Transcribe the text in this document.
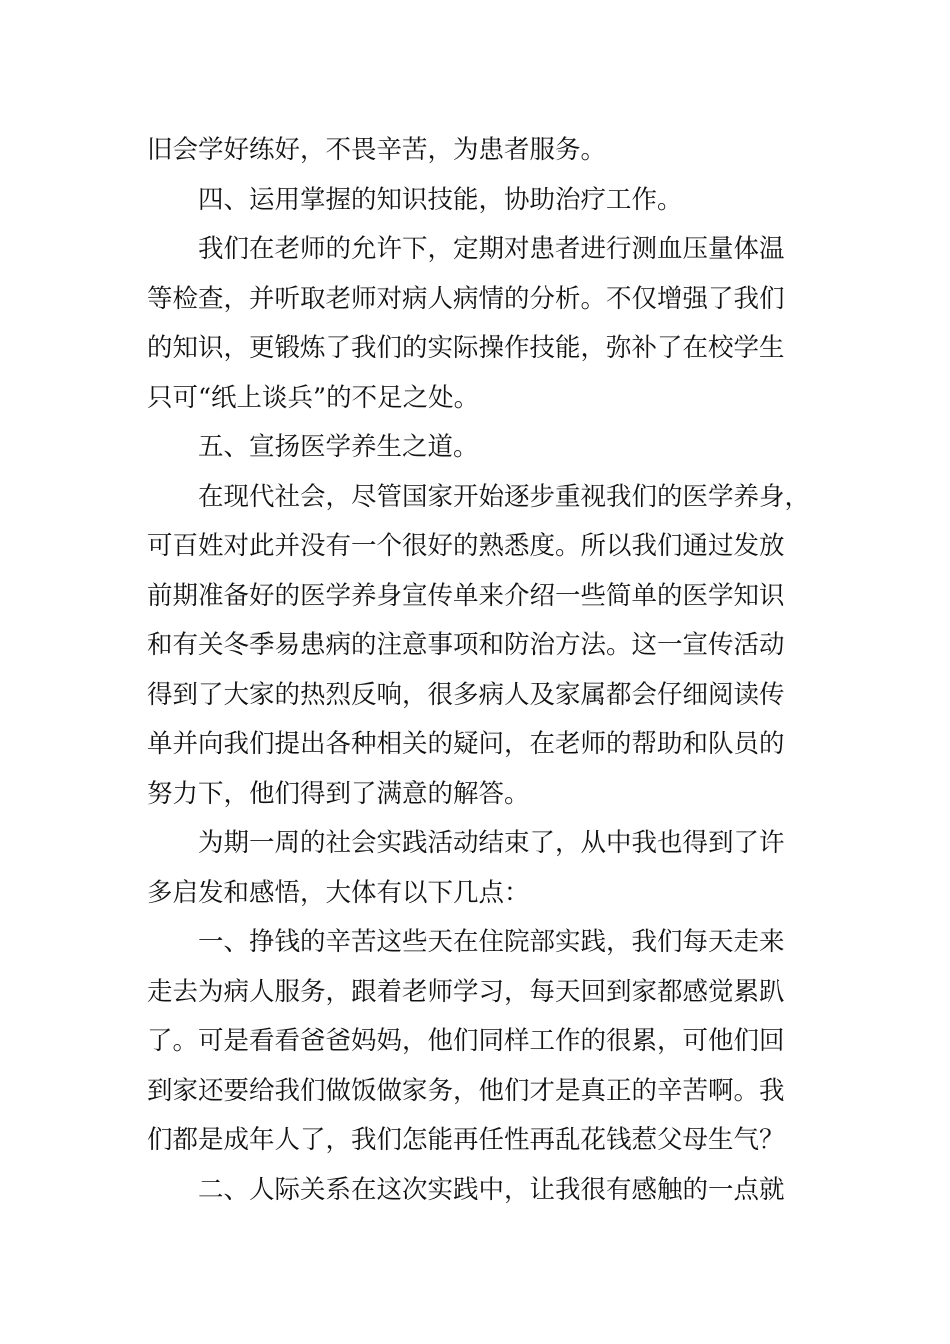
旧会学好练好，不畏辛苦，为患者服务。
四、运用掌握的知识技能，协助治疗工作。
我们在老师的允许下，定期对患者进行测血压量体温
等检查，并听取老师对病人病情的分析。不仅增强了我们
的知识，更锻炼了我们的实际操作技能，弥补了在校学生
只可“纸上谈兵”的不足之处。
五、宣扬医学养生之道。
在现代社会，尽管国家开始逐步重视我们的医学养身，
可百姓对此并没有一个很好的熟悉度。所以我们通过发放
前期准备好的医学养身宣传单来介绍一些简单的医学知识
和有关冬季易患病的注意事项和防治方法。这一宣传活动
得到了大家的热烈反响，很多病人及家属都会仔细阅读传
单并向我们提出各种相关的疑问，在老师的帮助和队员的
努力下，他们得到了满意的解答。
为期一周的社会实践活动结束了，从中我也得到了许
多启发和感悟，大体有以下几点：
一、挣钱的辛苦这些天在住院部实践，我们每天走来
走去为病人服务，跟着老师学习，每天回到家都感觉累趴
了。可是看看爸爸妈妈，他们同样工作的很累，可他们回
到家还要给我们做饭做家务，他们才是真正的辛苦啊。我
们都是成年人了，我们怎能再任性再乱花钱惹父母生气？
二、人际关系在这次实践中，让我很有感触的一点就
